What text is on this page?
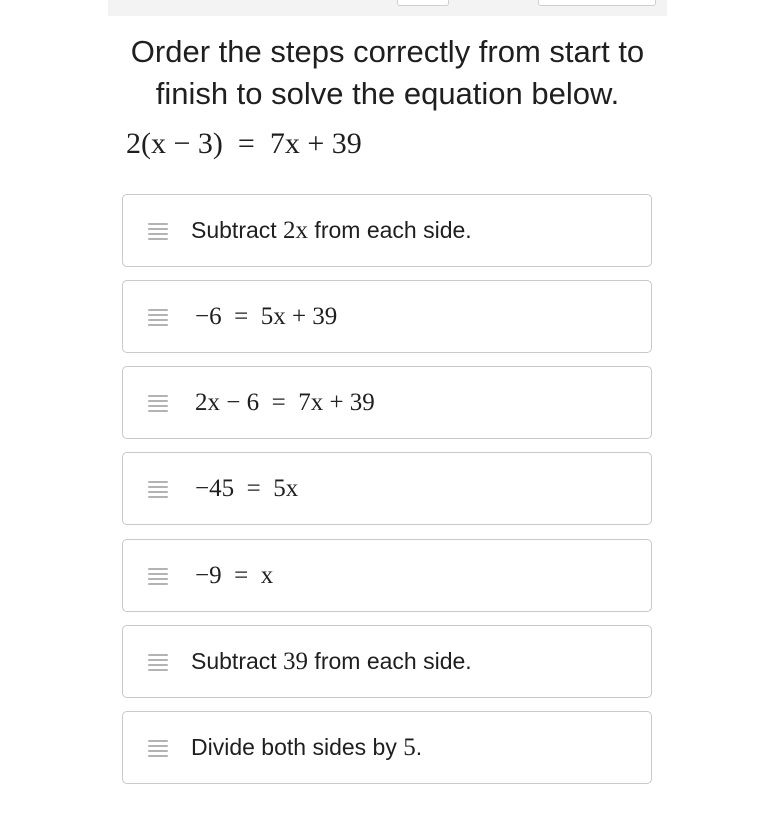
Order the steps correctly from start to finish to solve the equation below.

2(x − 3)  =  7x + 39
Subtract 2x from each side.
−6  =  5x + 39
2x − 6  =  7x + 39
−45  =  5x
−9  =  x
Subtract 39 from each side.
Divide both sides by 5 .
